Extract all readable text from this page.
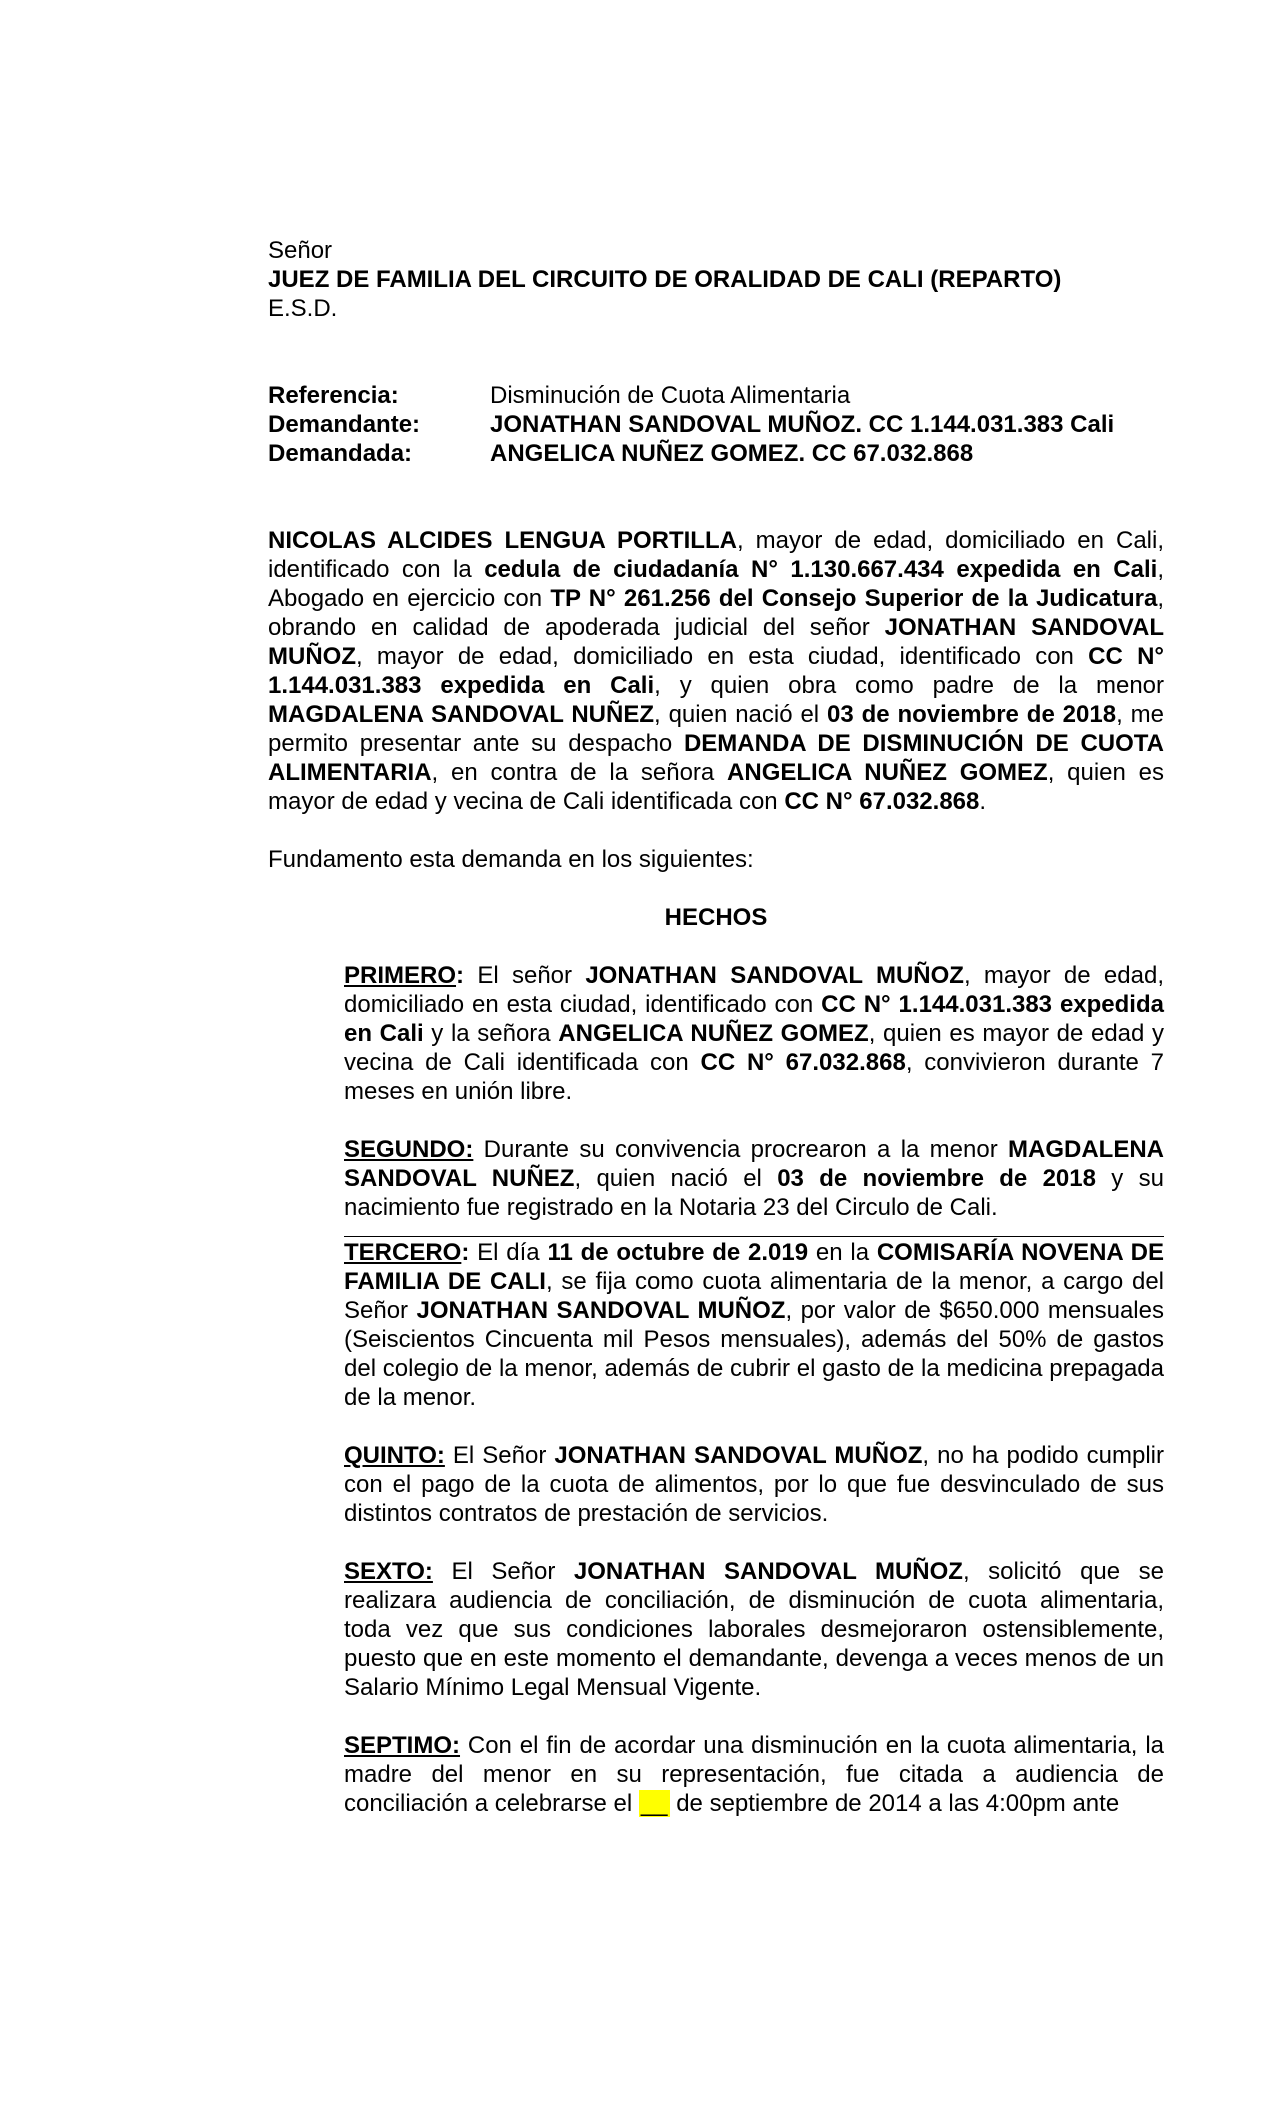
Señor
JUEZ DE FAMILIA DEL CIRCUITO DE ORALIDAD DE CALI (REPARTO)
E.S.D.
Referencia:	Disminución de Cuota Alimentaria
Demandante:	JONATHAN SANDOVAL MUÑOZ. CC 1.144.031.383 Cali
Demandada:	ANGELICA NUÑEZ GOMEZ. CC 67.032.868

NICOLAS ALCIDES LENGUA PORTILLA, mayor de edad, domiciliado en Cali, identificado con la cedula de ciudadanía N° 1.130.667.434 expedida en Cali, Abogado en ejercicio con TP N° 261.256 del Consejo Superior de la Judicatura, obrando en calidad de apoderada judicial del señor JONATHAN SANDOVAL MUÑOZ, mayor de edad, domiciliado en esta ciudad, identificado con CC N° 1.144.031.383 expedida en Cali, y quien obra como padre de la menor MAGDALENA SANDOVAL NUÑEZ, quien nació el 03 de noviembre de 2018, me permito presentar ante su despacho DEMANDA DE DISMINUCIÓN DE CUOTA ALIMENTARIA, en contra de la señora ANGELICA NUÑEZ GOMEZ, quien es mayor de edad y vecina de Cali identificada con CC N° 67.032.868.

Fundamento esta demanda en los siguientes:

HECHOS

PRIMERO: El señor JONATHAN SANDOVAL MUÑOZ, mayor de edad, domiciliado en esta ciudad, identificado con CC N° 1.144.031.383 expedida en Cali y la señora ANGELICA NUÑEZ GOMEZ, quien es mayor de edad y vecina de Cali identificada con CC N° 67.032.868, convivieron durante 7 meses en unión libre.

SEGUNDO: Durante su convivencia procrearon a la menor MAGDALENA SANDOVAL NUÑEZ, quien nació el 03 de noviembre de 2018 y su nacimiento fue registrado en la Notaria 23 del Circulo de Cali.

TERCERO: El día 11 de octubre de 2.019 en la COMISARÍA NOVENA DE FAMILIA DE CALI, se fija como cuota alimentaria de la menor, a cargo del Señor JONATHAN SANDOVAL MUÑOZ, por valor de $650.000 mensuales (Seiscientos Cincuenta mil Pesos mensuales), además del 50% de gastos del colegio de la menor, además de cubrir el gasto de la medicina prepagada de la menor.

QUINTO: El Señor JONATHAN SANDOVAL MUÑOZ, no ha podido cumplir con el pago de la cuota de alimentos, por lo que fue desvinculado de sus distintos contratos de prestación de servicios.

SEXTO: El Señor JONATHAN SANDOVAL MUÑOZ, solicitó que se realizara audiencia de conciliación, de disminución de cuota alimentaria, toda vez que sus condiciones laborales desmejoraron ostensiblemente, puesto que en este momento el demandante, devenga a veces menos de un Salario Mínimo Legal Mensual Vigente.

SEPTIMO: Con el fin de acordar una disminución en la cuota alimentaria, la madre del menor en su representación, fue citada a audiencia de conciliación a celebrarse el __ de septiembre de 2014 a las 4:00pm ante
